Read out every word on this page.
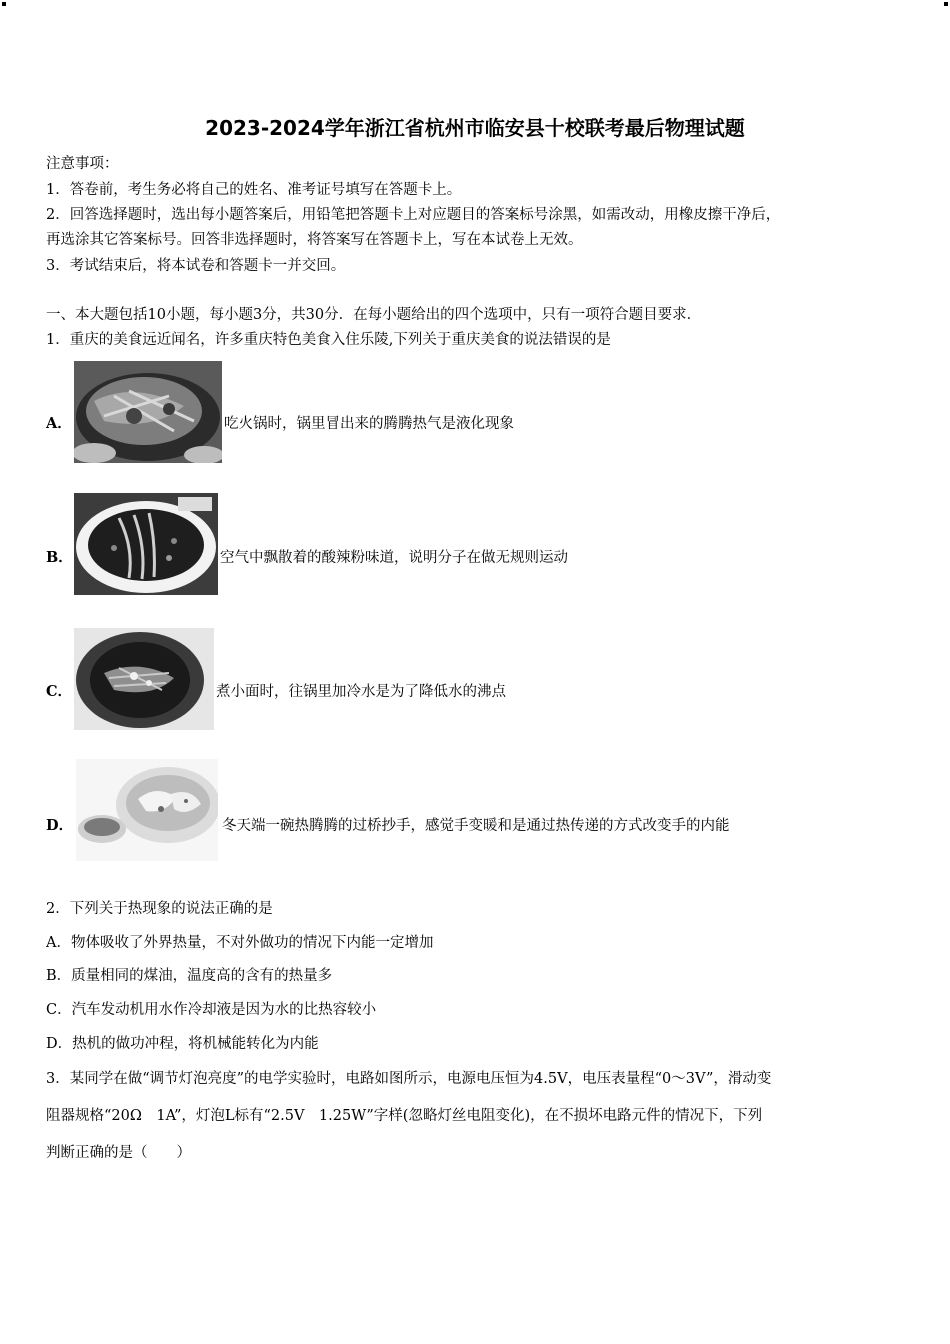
2023-2024学年浙江省杭州市临安县十校联考最后物理试题
注意事项：
1．答卷前，考生务必将自己的姓名、准考证号填写在答题卡上。
2．回答选择题时，选出每小题答案后，用铅笔把答题卡上对应题目的答案标号涂黑，如需改动，用橡皮擦干净后，
再选涂其它答案标号。回答非选择题时，将答案写在答题卡上，写在本试卷上无效。
3．考试结束后，将本试卷和答题卡一并交回。
一、本大题包括10小题，每小题3分，共30分．在每小题给出的四个选项中，只有一项符合题目要求．
1．重庆的美食远近闻名，许多重庆特色美食入住乐陵,下列关于重庆美食的说法错误的是
A．	吃火锅时，锅里冒出来的腾腾热气是液化现象
B．	空气中飘散着的酸辣粉味道，说明分子在做无规则运动
C．	煮小面时，往锅里加冷水是为了降低水的沸点
D．	冬天端一碗热腾腾的过桥抄手，感觉手变暖和是通过热传递的方式改变手的内能
2．下列关于热现象的说法正确的是
A．物体吸收了外界热量，不对外做功的情况下内能一定增加
B．质量相同的煤油，温度高的含有的热量多
C．汽车发动机用水作冷却液是因为水的比热容较小
D．热机的做功冲程，将机械能转化为内能
3．某同学在做“调节灯泡亮度”的电学实验时，电路如图所示，电源电压恒为4.5V，电压表量程“0～3V”，滑动变
阻器规格“20Ω　1A”，灯泡L标有“2.5V　1.25W”字样(忽略灯丝电阻变化)，在不损坏电路元件的情况下，下列
判断正确的是（　　）
